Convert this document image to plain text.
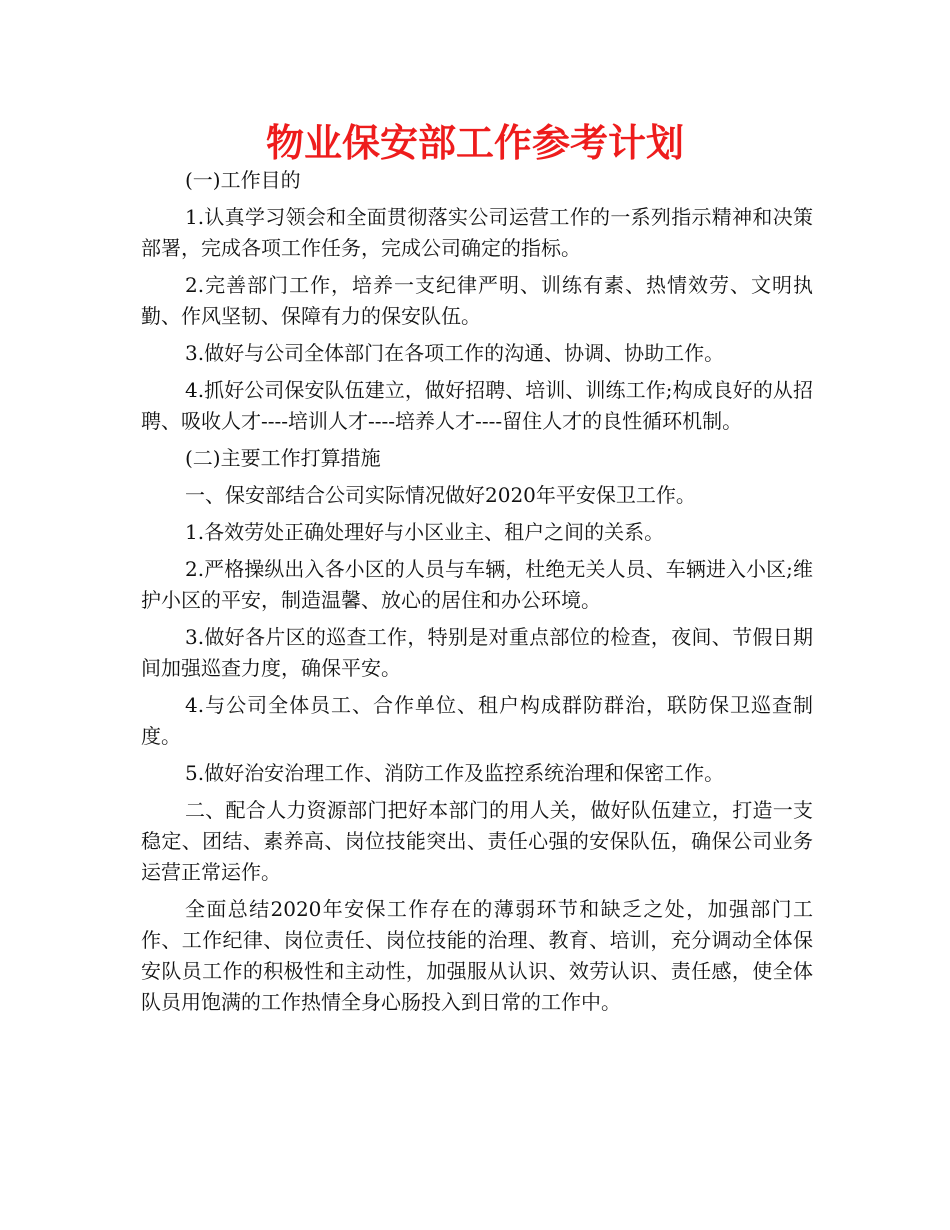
物业保安部工作参考计划

(一)工作目的

1.认真学习领会和全面贯彻落实公司运营工作的一系列指示精神和决策部署，完成各项工作任务，完成公司确定的指标。

2.完善部门工作，培养一支纪律严明、训练有素、热情效劳、文明执勤、作风坚韧、保障有力的保安队伍。

3.做好与公司全体部门在各项工作的沟通、协调、协助工作。

4.抓好公司保安队伍建立，做好招聘、培训、训练工作;构成良好的从招聘、吸收人才----培训人才----培养人才----留住人才的良性循环机制。

(二)主要工作打算措施

一、保安部结合公司实际情况做好2020年平安保卫工作。

1.各效劳处正确处理好与小区业主、租户之间的关系。

2.严格操纵出入各小区的人员与车辆，杜绝无关人员、车辆进入小区;维护小区的平安，制造温馨、放心的居住和办公环境。

3.做好各片区的巡查工作，特别是对重点部位的检查，夜间、节假日期间加强巡查力度，确保平安。

4.与公司全体员工、合作单位、租户构成群防群治，联防保卫巡查制度。

5.做好治安治理工作、消防工作及监控系统治理和保密工作。

二、配合人力资源部门把好本部门的用人关，做好队伍建立，打造一支稳定、团结、素养高、岗位技能突出、责任心强的安保队伍，确保公司业务运营正常运作。

全面总结2020年安保工作存在的薄弱环节和缺乏之处，加强部门工作、工作纪律、岗位责任、岗位技能的治理、教育、培训，充分调动全体保安队员工作的积极性和主动性，加强服从认识、效劳认识、责任感，使全体队员用饱满的工作热情全身心肠投入到日常的工作中。
